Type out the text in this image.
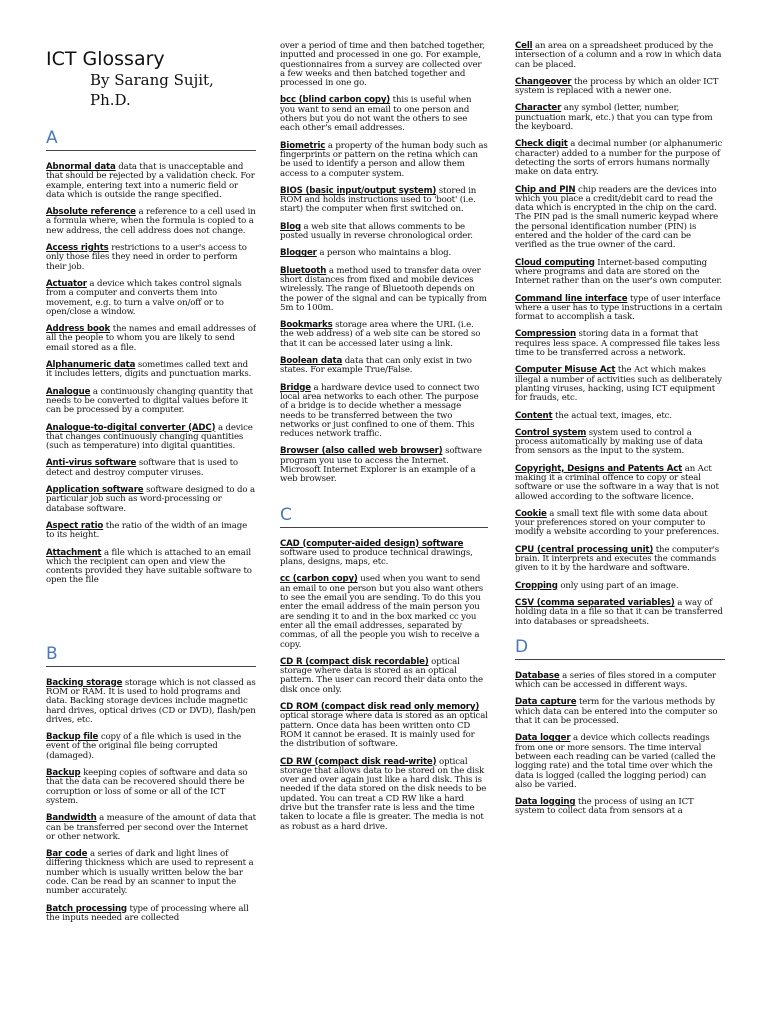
ICT Glossary
By Sarang Sujit, Ph.D.
A
Abnormal data data that is unacceptable and that should be rejected by a validation check. For example, entering text into a numeric field or data which is outside the range specified.
Absolute reference a reference to a cell used in a formula where, when the formula is copied to a new address, the cell address does not change.
Access rights restrictions to a user's access to only those files they need in order to perform their job.
Actuator a device which takes control signals from a computer and converts them into movement, e.g. to turn a valve on/off or to open/close a window.
Address book the names and email addresses of all the people to whom you are likely to send email stored as a file.
Alphanumeric data sometimes called text and it includes letters, digits and punctuation marks.
Analogue a continuously changing quantity that needs to be converted to digital values before it can be processed by a computer.
Analogue-to-digital converter (ADC) a device that changes continuously changing quantities (such as temperature) into digital quantities.
Anti-virus software software that is used to detect and destroy computer viruses.
Application software software designed to do a particular job such as word-processing or database software.
Aspect ratio the ratio of the width of an image to its height.
Attachment a file which is attached to an email which the recipient can open and view the contents provided they have suitable software to open the file
B
Backing storage storage which is not classed as ROM or RAM. It is used to hold programs and data. Backing storage devices include magnetic hard drives, optical drives (CD or DVD), flash/pen drives, etc.
Backup file copy of a file which is used in the event of the original file being corrupted (damaged).
Backup keeping copies of software and data so that the data can be recovered should there be corruption or loss of some or all of the ICT system.
Bandwidth a measure of the amount of data that can be transferred per second over the Internet or other network.
Bar code a series of dark and light lines of differing thickness which are used to represent a number which is usually written below the bar code. Can be read by an scanner to input the number accurately.
Batch processing type of processing where all the inputs needed are collected
over a period of time and then batched together, inputted and processed in one go. For example, questionnaires from a survey are collected over a few weeks and then batched together and processed in one go.
bcc (blind carbon copy) this is useful when you want to send an email to one person and others but you do not want the others to see each other's email addresses.
Biometric a property of the human body such as fingerprints or pattern on the retina which can be used to identify a person and allow them access to a computer system.
BIOS (basic input/output system) stored in ROM and holds instructions used to 'boot' (i.e. start) the computer when first switched on.
Blog a web site that allows comments to be posted usually in reverse chronological order.
Blogger a person who maintains a blog.
Bluetooth a method used to transfer data over short distances from fixed and mobile devices wirelessly. The range of Bluetooth depends on the power of the signal and can be typically from 5m to 100m.
Bookmarks storage area where the URL (i.e. the web address) of a web site can be stored so that it can be accessed later using a link.
Boolean data data that can only exist in two states. For example True/False.
Bridge a hardware device used to connect two local area networks to each other. The purpose of a bridge is to decide whether a message needs to be transferred between the two networks or just confined to one of them. This reduces network traffic.
Browser (also called web browser) software program you use to access the Internet. Microsoft Internet Explorer is an example of a web browser.
C
CAD (computer-aided design) software software used to produce technical drawings, plans, designs, maps, etc.
cc (carbon copy) used when you want to send an email to one person but you also want others to see the email you are sending. To do this you enter the email address of the main person you are sending it to and in the box marked cc you enter all the email addresses, separated by commas, of all the people you wish to receive a copy.
CD R (compact disk recordable) optical storage where data is stored as an optical pattern. The user can record their data onto the disk once only.
CD ROM (compact disk read only memory) optical storage where data is stored as an optical pattern. Once data has been written onto CD ROM it cannot be erased. It is mainly used for the distribution of software.
CD RW (compact disk read-write) optical storage that allows data to be stored on the disk over and over again just like a hard disk. This is needed if the data stored on the disk needs to be updated. You can treat a CD RW like a hard drive but the transfer rate is less and the time taken to locate a file is greater. The media is not as robust as a hard drive.
Cell an area on a spreadsheet produced by the intersection of a column and a row in which data can be placed.
Changeover the process by which an older ICT system is replaced with a newer one.
Character any symbol (letter, number, punctuation mark, etc.) that you can type from the keyboard.
Check digit a decimal number (or alphanumeric character) added to a number for the purpose of detecting the sorts of errors humans normally make on data entry.
Chip and PIN chip readers are the devices into which you place a credit/debit card to read the data which is encrypted in the chip on the card. The PIN pad is the small numeric keypad where the personal identification number (PIN) is entered and the holder of the card can be verified as the true owner of the card.
Cloud computing Internet-based computing where programs and data are stored on the Internet rather than on the user's own computer.
Command line interface type of user interface where a user has to type instructions in a certain format to accomplish a task.
Compression storing data in a format that requires less space. A compressed file takes less time to be transferred across a network.
Computer Misuse Act the Act which makes illegal a number of activities such as deliberately planting viruses, hacking, using ICT equipment for frauds, etc.
Content the actual text, images, etc.
Control system system used to control a process automatically by making use of data from sensors as the input to the system.
Copyright, Designs and Patents Act an Act making it a criminal offence to copy or steal software or use the software in a way that is not allowed according to the software licence.
Cookie a small text file with some data about your preferences stored on your computer to modify a website according to your preferences.
CPU (central processing unit) the computer's brain. It interprets and executes the commands given to it by the hardware and software.
Cropping only using part of an image.
CSV (comma separated variables) a way of holding data in a file so that it can be transferred into databases or spreadsheets.
D
Database a series of files stored in a computer which can be accessed in different ways.
Data capture term for the various methods by which data can be entered into the computer so that it can be processed.
Data logger a device which collects readings from one or more sensors. The time interval between each reading can be varied (called the logging rate) and the total time over which the data is logged (called the logging period) can also be varied.
Data logging the process of using an ICT system to collect data from sensors at a
